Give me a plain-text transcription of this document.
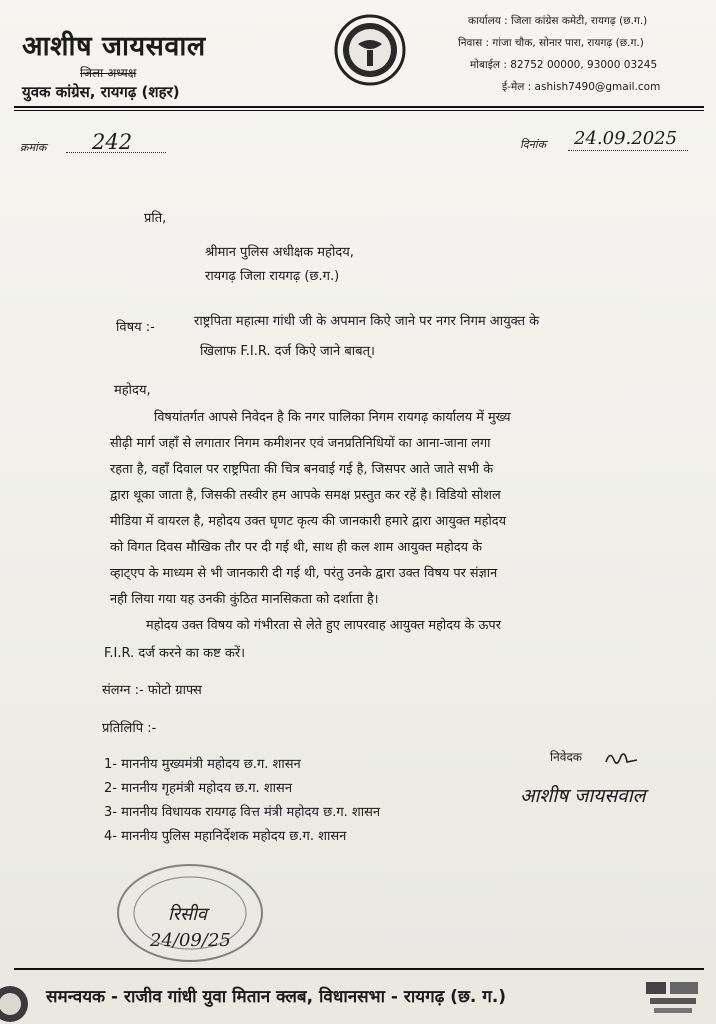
आशीष जायसवाल
जिला अध्यक्ष
युवक कांग्रेस, रायगढ़ (शहर)
कार्यालय : जिला कांग्रेस कमेटी, रायगढ़ (छ.ग.)
निवास : गांजा चौक, सोनार पारा, रायगढ़ (छ.ग.)
मोबाईल : 82752 00000, 93000 03245
ई-मेल : ashish7490@gmail.com
क्रमांक 242	दिनांक 24.09.2025
प्रति,
श्रीमान पुलिस अधीक्षक महोदय,
रायगढ़ जिला रायगढ़ (छ.ग.)
विषय :-	राष्ट्रपिता महात्मा गांधी जी के अपमान किऐ जाने पर नगर निगम आयुक्त के
खिलाफ F.I.R. दर्ज किऐ जाने बाबत्।
महोदय,
विषयांतर्गत आपसे निवेदन है कि नगर पालिका निगम रायगढ़ कार्यालय में मुख्य
सीढ़ी मार्ग जहाँ से लगातार निगम कमीशनर एवं जनप्रतिनिधियों का आना-जाना लगा
रहता है, वहाँ दिवाल पर राष्ट्रपिता की चित्र बनवाई गई है, जिसपर आते जाते सभी के
द्वारा थूका जाता है, जिसकी तस्वीर हम आपके समक्ष प्रस्तुत कर रहें है। विडियो सोशल
मीडिया में वायरल है, महोदय उक्त घृणट कृत्य की जानकारी हमारे द्वारा आयुक्त महोदय
को विगत दिवस मौखिक तौर पर दी गई थी, साथ ही कल शाम आयुक्त महोदय के
व्हाट्एप के माध्यम से भी जानकारी दी गई थी, परंतु उनके द्वारा उक्त विषय पर संज्ञान
नही लिया गया यह उनकी कुंठित मानसिकता को दर्शाता है।
महोदय उक्त विषय को गंभीरता से लेते हुए लापरवाह आयुक्त महोदय के ऊपर
F.I.R. दर्ज करने का कष्ट करें।
संलग्न :- फोटो ग्राफ्स
प्रतिलिपि :-
1- माननीय मुख्यमंत्री महोदय छ.ग. शासन
2- माननीय गृहमंत्री महोदय छ.ग. शासन
3- माननीय विधायक रायगढ़ वित्त मंत्री महोदय छ.ग. शासन
4- माननीय पुलिस महानिर्देशक महोदय छ.ग. शासन
निवेदक
आशीष जायसवाल
रिसीव
24/09/25
समन्वयक - राजीव गांधी युवा मितान क्लब, विधानसभा - रायगढ़ (छ. ग.)
